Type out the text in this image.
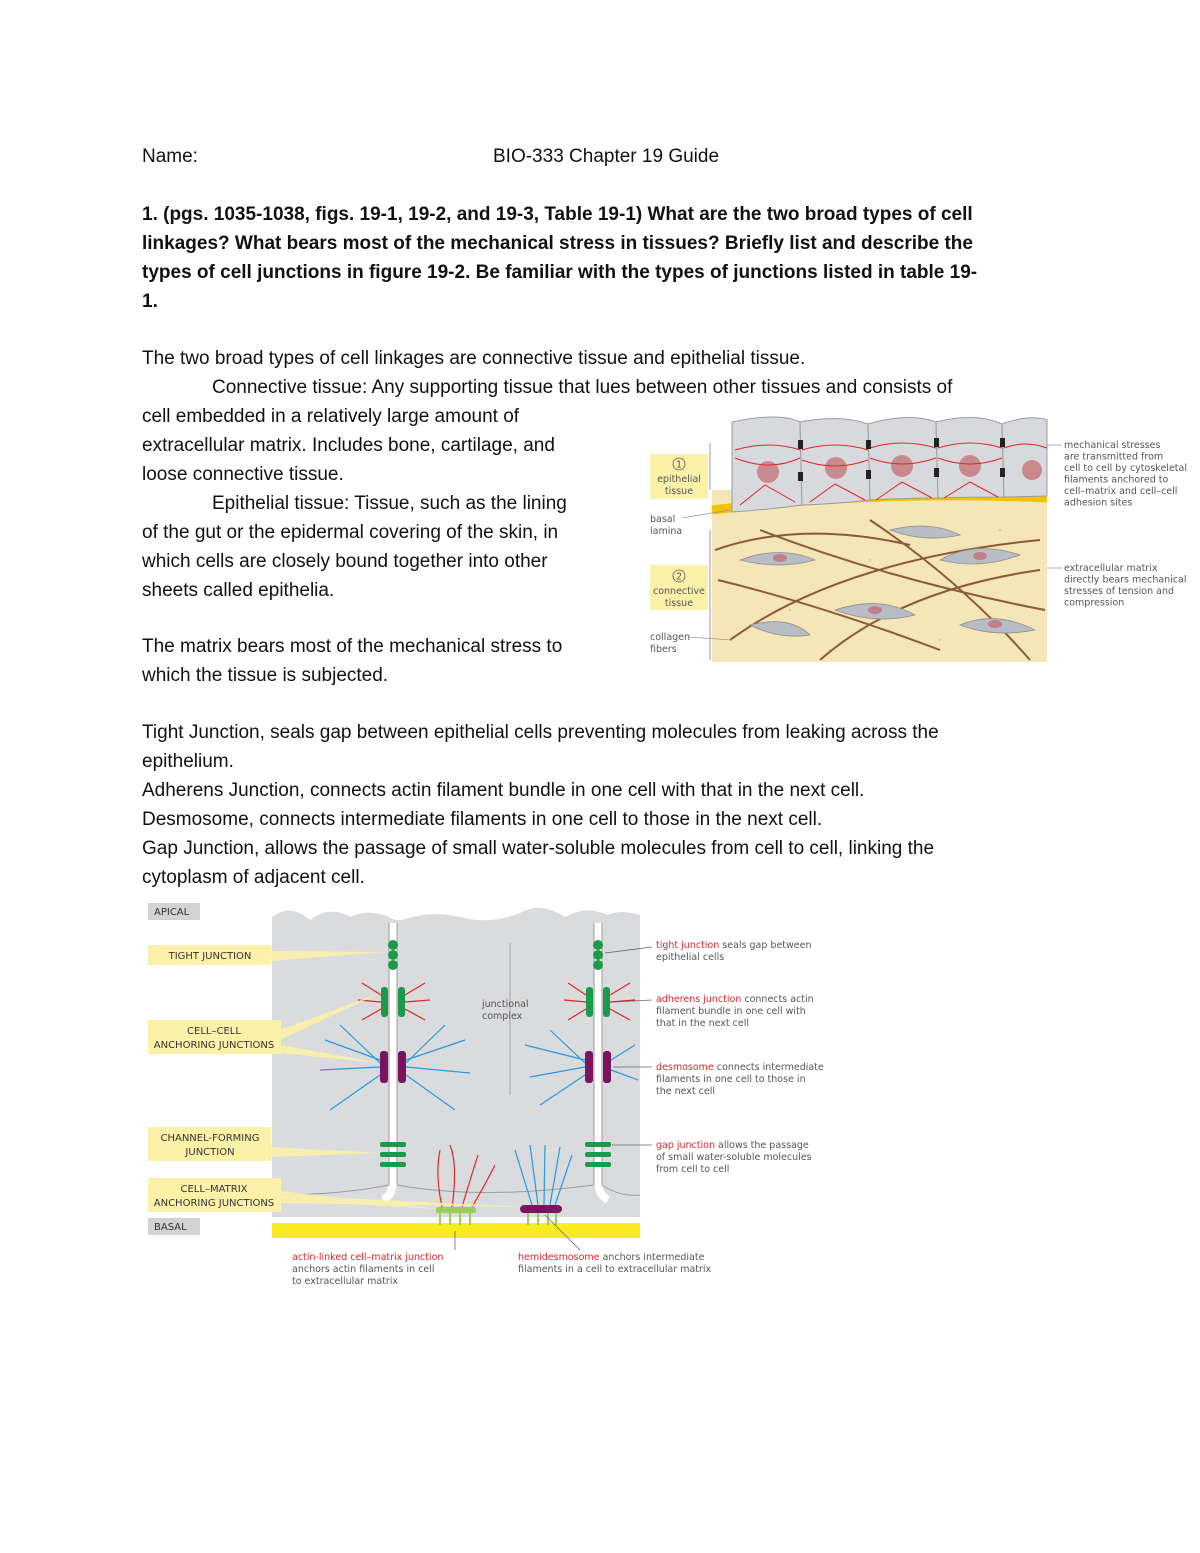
Name:	BIO-333 Chapter 19 Guide
1. (pgs. 1035-1038, figs. 19-1, 19-2, and 19-3, Table 19-1) What are the two broad types of cell
linkages? What bears most of the mechanical stress in tissues? Briefly list and describe the
types of cell junctions in figure 19-2. Be familiar with the types of junctions listed in table 19-
1.
The two broad types of cell linkages are connective tissue and epithelial tissue.
Connective tissue: Any supporting tissue that lues between other tissues and consists of
cell embedded in a relatively large amount of
extracellular matrix. Includes bone, cartilage, and
loose connective tissue.
Epithelial tissue: Tissue, such as the lining
of the gut or the epidermal covering of the skin, in
which cells are closely bound together into other
sheets called epithelia.
The matrix bears most of the mechanical stress to
which the tissue is subjected.
Tight Junction, seals gap between epithelial cells preventing molecules from leaking across the
epithelium.
Adherens Junction, connects actin filament bundle in one cell with that in the next cell.
Desmosome, connects intermediate filaments in one cell to those in the next cell.
Gap Junction, allows the passage of small water-soluble molecules from cell to cell, linking the
cytoplasm of adjacent cell.
1
epithelial
tissue
basal
lamina
2
connective
tissue
collagen
fibers
mechanical stresses
are transmitted from
cell to cell by cytoskeletal
filaments anchored to
cell–matrix and cell–cell
adhesion sites
extracellular matrix
directly bears mechanical
stresses of tension and
compression
junctional
complex
APICAL
TIGHT JUNCTION
CELL–CELL
ANCHORING JUNCTIONS
CHANNEL-FORMING
JUNCTION
CELL–MATRIX
ANCHORING JUNCTIONS
BASAL
tight junction seals gap between
epithelial cells
adherens junction connects actin
filament bundle in one cell with
that in the next cell
desmosome connects intermediate
filaments in one cell to those in
the next cell
gap junction allows the passage
of small water-soluble molecules
from cell to cell
actin-linked cell–matrix junction
anchors actin filaments in cell
to extracellular matrix
hemidesmosome anchors intermediate
filaments in a cell to extracellular matrix
